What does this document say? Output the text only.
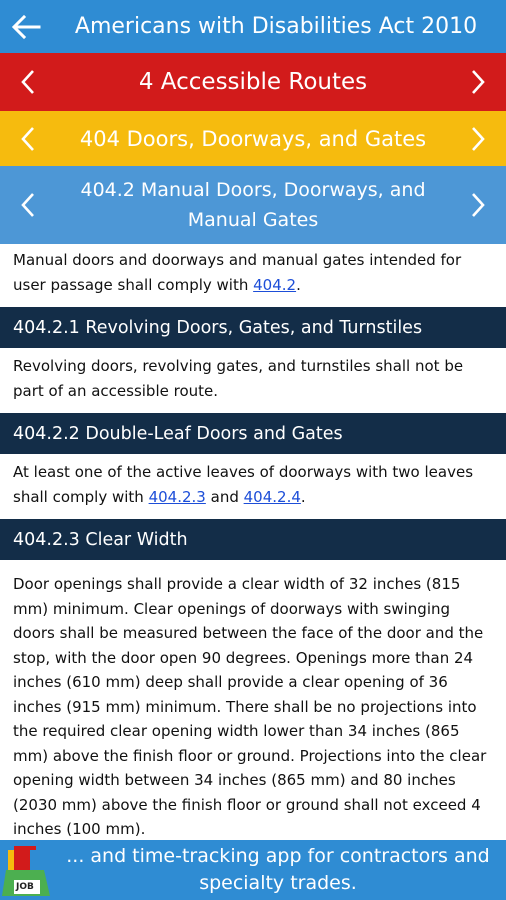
Americans with Disabilities Act 2010
4 Accessible Routes
404 Doors, Doorways, and Gates
404.2 Manual Doors, Doorways, and Manual Gates

Manual doors and doorways and manual gates intended for user passage shall comply with 404.2.

404.2.1 Revolving Doors, Gates, and Turnstiles

Revolving doors, revolving gates, and turnstiles shall not be part of an accessible route.

404.2.2 Double-Leaf Doors and Gates

At least one of the active leaves of doorways with two leaves shall comply with 404.2.3 and 404.2.4.

404.2.3 Clear Width

Door openings shall provide a clear width of 32 inches (815 mm) minimum. Clear openings of doorways with swinging doors shall be measured between the face of the door and the stop, with the door open 90 degrees. Openings more than 24 inches (610 mm) deep shall provide a clear opening of 36 inches (915 mm) minimum. There shall be no projections into the required clear opening width lower than 34 inches (865 mm) above the finish floor or ground. Projections into the clear opening width between 34 inches (865 mm) and 80 inches (2030 mm) above the finish floor or ground shall not exceed 4 inches (100 mm).

JOB
... and time-tracking app for contractors and specialty trades.
